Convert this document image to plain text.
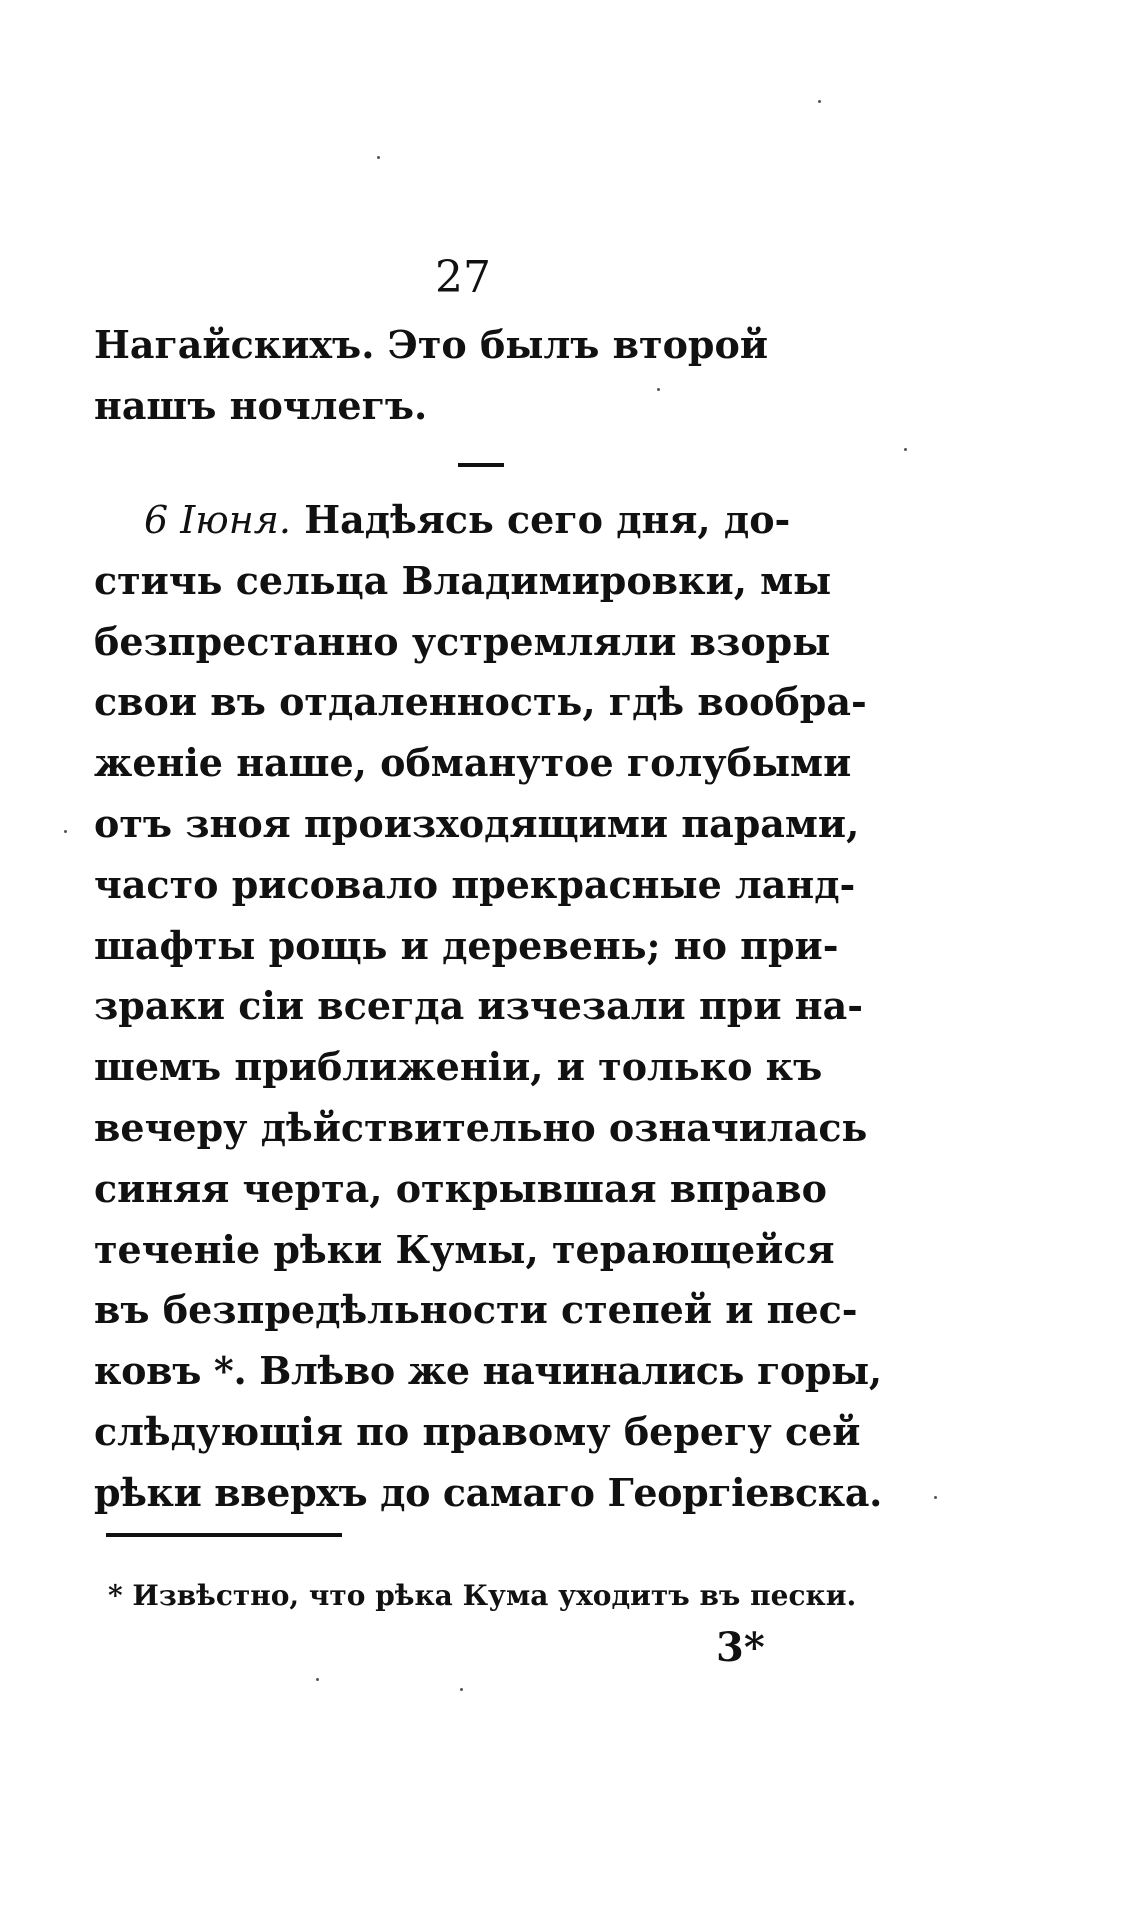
27
Нагайскихъ. Это былъ второй
нашъ ночлегъ.
6 Іюня. Надѣясь сего дня, до-
стичь сельца Владимировки, мы
безпрестанно устремляли взоры
свои въ отдаленность, гдѣ вообра-
женіе наше, обманутое голубыми
отъ зноя произходящими парами,
часто рисовало прекрасные ланд-
шафты рощь и деревень; но при-
зраки сіи всегда изчезали при на-
шемъ приближеніи, и только къ
вечеру дѣйствительно означилась
синяя черта, открывшая вправо
теченіе рѣки Кумы, терающейся
въ безпредѣльности степей и пес-
ковъ *. Влѣво же начинались горы,
слѣдующія по правому берегу сей
рѣки вверхъ до самаго Георгіевска.
* Извѣстно, что рѣка Кума уходитъ въ пески.
3*
